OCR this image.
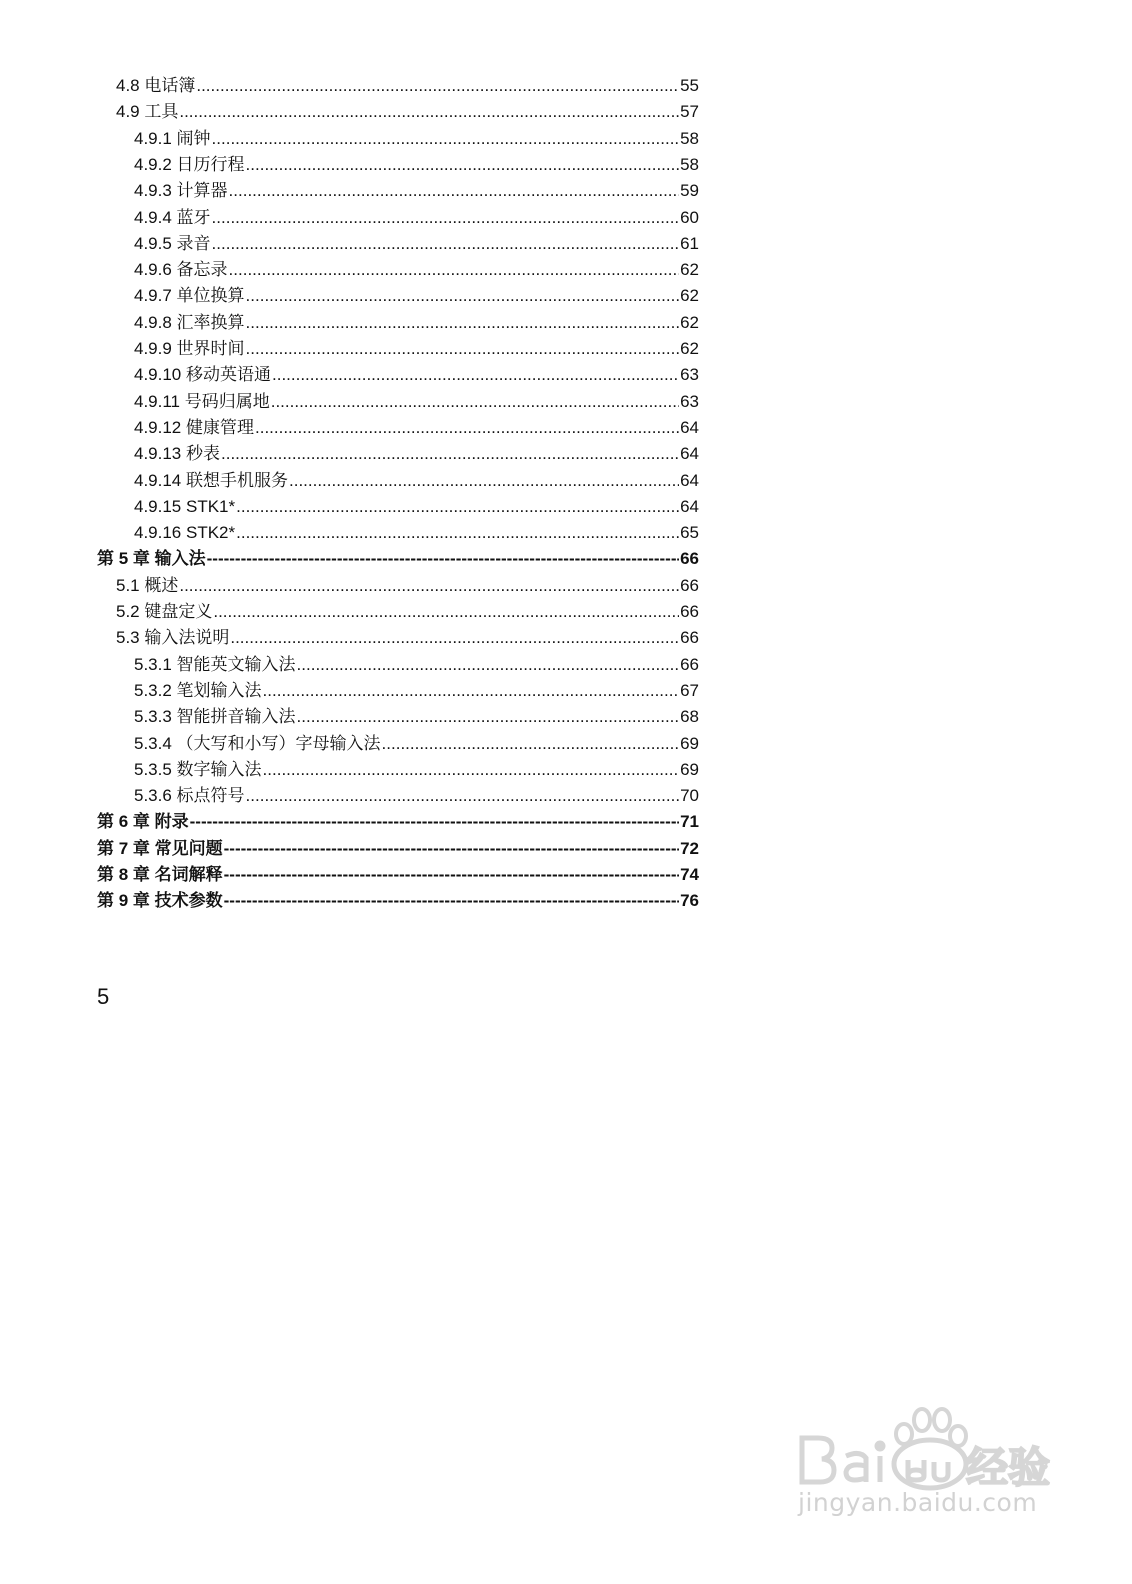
4.8 电话簿 .....	55
4.9 工具 .....	57
4.9.1 闹钟 .....	58
4.9.2 日历行程 .....	58
4.9.3 计算器 .....	59
4.9.4 蓝牙 .....	60
4.9.5 录音 .....	61
4.9.6 备忘录 .....	62
4.9.7 单位换算 .....	62
4.9.8 汇率换算 .....	62
4.9.9 世界时间 .....	62
4.9.10 移动英语通 .....	63
4.9.11 号码归属地 .....	63
4.9.12 健康管理 .....	64
4.9.13 秒表 .....	64
4.9.14 联想手机服务 .....	64
4.9.15 STK1* .....	64
4.9.16 STK2* .....	65
第 5 章 输入法 -----	66
5.1 概述 .....	66
5.2 键盘定义 .....	66
5.3 输入法说明 .....	66
5.3.1 智能英文输入法 .....	66
5.3.2 笔划输入法 .....	67
5.3.3 智能拼音输入法 .....	68
5.3.4 （大写和小写）字母输入法 .....	69
5.3.5 数字输入法 .....	69
5.3.6 标点符号 .....	70
第 6 章 附录 -----	71
第 7 章 常见问题 -----	72
第 8 章 名词解释 -----	74
第 9 章 技术参数 -----	76
5
经验
jingyan.baidu.com
